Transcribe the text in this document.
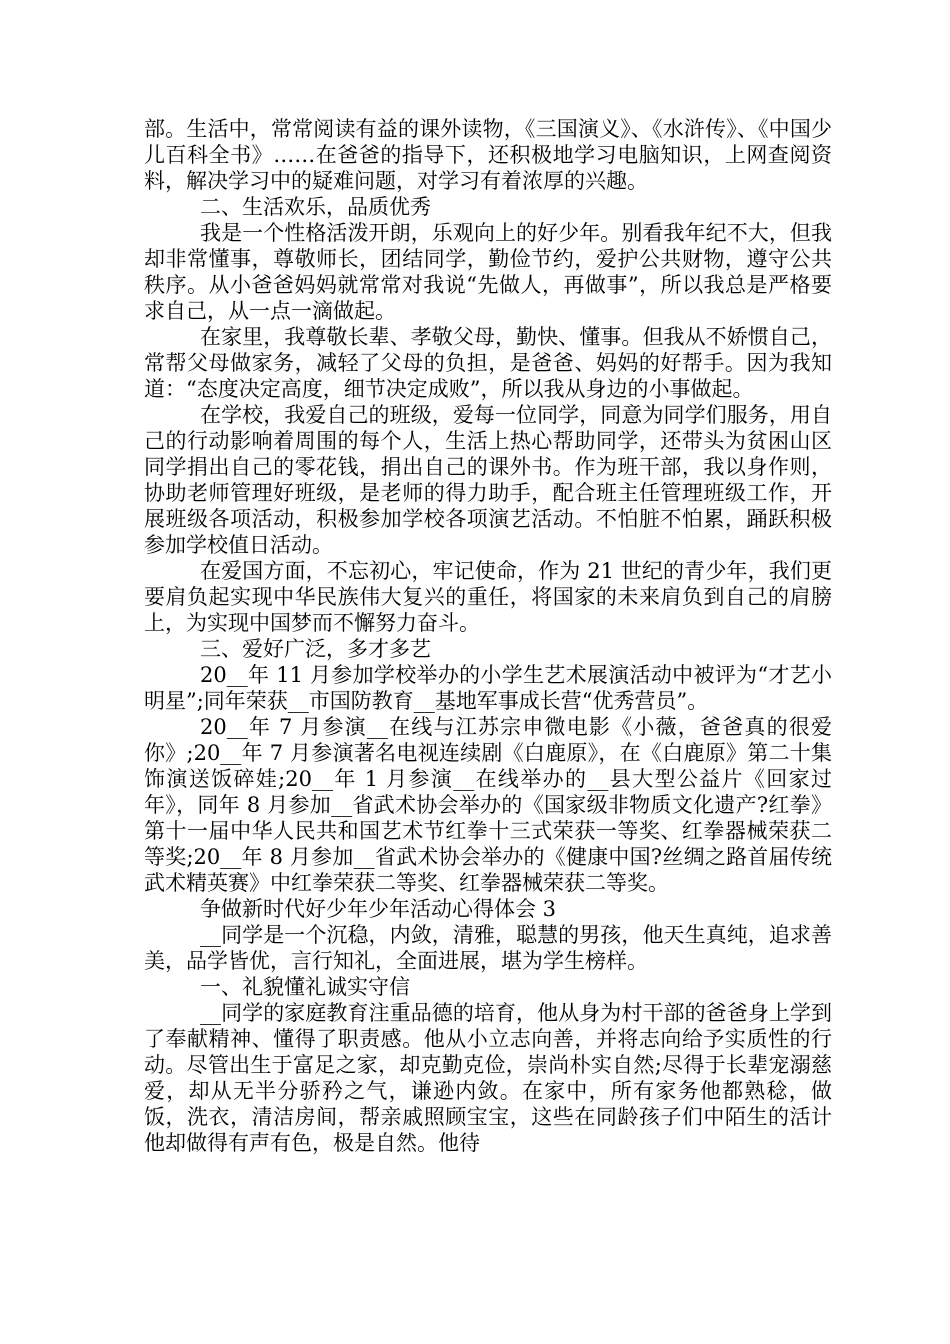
部。生活中，常常阅读有益的课外读物，《三国演义》、《水浒传》、《中国少儿百科全书》……在爸爸的指导下，还积极地学习电脑知识，上网查阅资料，解决学习中的疑难问题，对学习有着浓厚的兴趣。

二、生活欢乐，品质优秀

我是一个性格活泼开朗，乐观向上的好少年。别看我年纪不大，但我却非常懂事，尊敬师长，团结同学，勤俭节约，爱护公共财物，遵守公共秩序。从小爸爸妈妈就常常对我说“先做人，再做事”，所以我总是严格要求自己，从一点一滴做起。

在家里，我尊敬长辈、孝敬父母，勤快、懂事。但我从不娇惯自己，常帮父母做家务，减轻了父母的负担，是爸爸、妈妈的好帮手。因为我知道：“态度决定高度，细节决定成败”，所以我从身边的小事做起。

在学校，我爱自己的班级，爱每一位同学，同意为同学们服务，用自己的行动影响着周围的每个人，生活上热心帮助同学，还带头为贫困山区同学捐出自己的零花钱，捐出自己的课外书。作为班干部，我以身作则，协助老师管理好班级，是老师的得力助手，配合班主任管理班级工作，开展班级各项活动，积极参加学校各项演艺活动。不怕脏不怕累，踊跃积极参加学校值日活动。

在爱国方面，不忘初心，牢记使命，作为 21 世纪的青少年，我们更要肩负起实现中华民族伟大复兴的重任，将国家的未来肩负到自己的肩膀上，为实现中国梦而不懈努力奋斗。

三、爱好广泛，多才多艺

20__年 11 月参加学校举办的小学生艺术展演活动中被评为“才艺小明星”;同年荣获__市国防教育__基地军事成长营“优秀营员”。

20__年 7 月参演__在线与江苏宗申微电影《小薇，爸爸真的很爱你》;20__年 7 月参演著名电视连续剧《白鹿原》，在《白鹿原》第二十集饰演送饭碎娃;20__年 1 月参演__在线举办的__县大型公益片《回家过年》，同年 8 月参加__省武术协会举办的《国家级非物质文化遗产?红拳》第十一届中华人民共和国艺术节红拳十三式荣获一等奖、红拳器械荣获二等奖;20__年 8 月参加__省武术协会举办的《健康中国?丝绸之路首届传统武术精英赛》中红拳荣获二等奖、红拳器械荣获二等奖。

争做新时代好少年少年活动心得体会 3

__同学是一个沉稳，内敛，清雅，聪慧的男孩，他天生真纯，追求善美，品学皆优，言行知礼，全面进展，堪为学生榜样。

一、礼貌懂礼诚实守信

__同学的家庭教育注重品德的培育，他从身为村干部的爸爸身上学到了奉献精神、懂得了职责感。他从小立志向善，并将志向给予实质性的行动。尽管出生于富足之家，却克勤克俭，崇尚朴实自然;尽得于长辈宠溺慈爱，却从无半分骄矜之气，谦逊内敛。在家中，所有家务他都熟稔，做饭，洗衣，清洁房间，帮亲戚照顾宝宝，这些在同龄孩子们中陌生的活计他却做得有声有色，极是自然。他待
